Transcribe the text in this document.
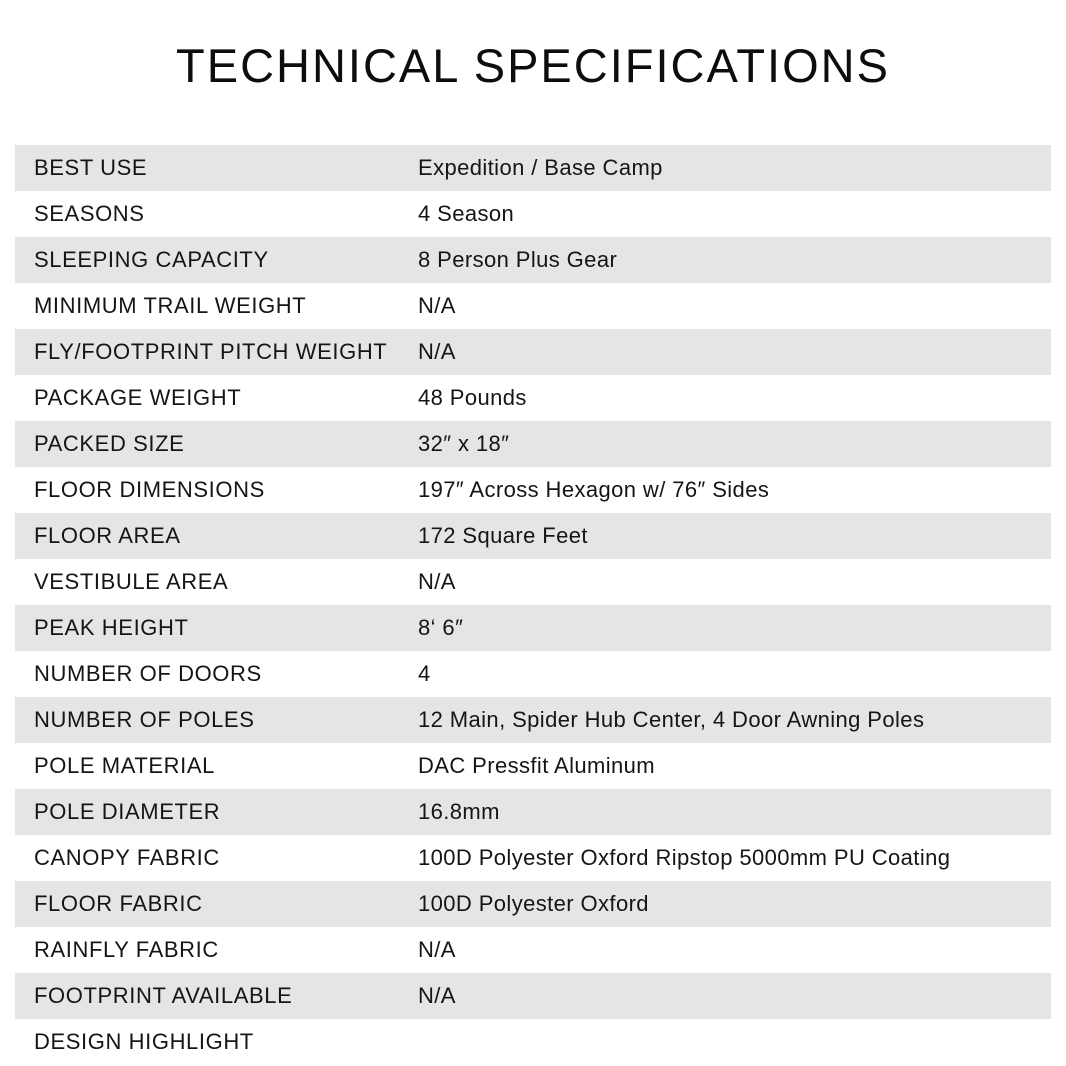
TECHNICAL SPECIFICATIONS
BEST USE	Expedition / Base Camp
SEASONS	4 Season
SLEEPING CAPACITY	8 Person Plus Gear
MINIMUM TRAIL WEIGHT	N/A
FLY/FOOTPRINT PITCH WEIGHT	N/A
PACKAGE WEIGHT	48 Pounds
PACKED SIZE	32″ x 18″
FLOOR DIMENSIONS	197″ Across Hexagon w/ 76″ Sides
FLOOR AREA	172 Square Feet
VESTIBULE AREA	N/A
PEAK HEIGHT	8‘ 6″
NUMBER OF DOORS	4
NUMBER OF POLES	12 Main, Spider Hub Center, 4 Door Awning Poles
POLE MATERIAL	DAC Pressfit Aluminum
POLE DIAMETER	16.8mm
CANOPY FABRIC	100D Polyester Oxford Ripstop 5000mm PU Coating
FLOOR FABRIC	100D Polyester Oxford
RAINFLY FABRIC	N/A
FOOTPRINT AVAILABLE	N/A
DESIGN HIGHLIGHT
